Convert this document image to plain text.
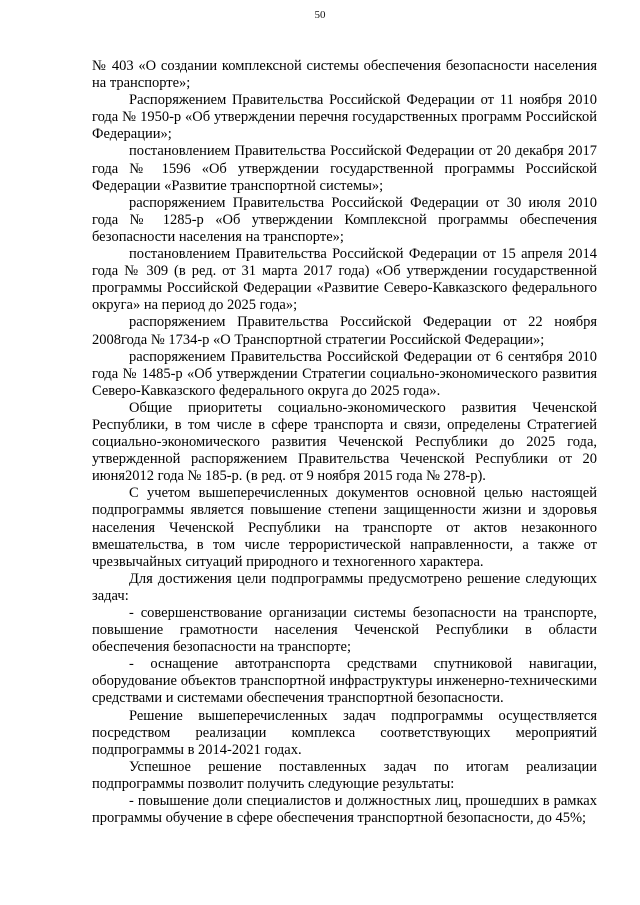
50

№ 403 «О создании комплексной системы обеспечения безопасности населения на транспорте»;

Распоряжением Правительства Российской Федерации от 11 ноября 2010 года № 1950-р «Об утверждении перечня государственных программ Российской Федерации»;

постановлением Правительства Российской Федерации от 20 декабря 2017 года № 1596 «Об утверждении государственной программы Российской Федерации «Развитие транспортной системы»;

распоряжением Правительства Российской Федерации от 30 июля 2010 года № 1285-р «Об утверждении Комплексной программы обеспечения безопасности населения на транспорте»;

постановлением Правительства Российской Федерации от 15 апреля 2014 года № 309 (в ред. от 31 марта 2017 года) «Об утверждении государственной программы Российской Федерации «Развитие Северо-Кавказского федерального округа» на период до 2025 года»;

распоряжением Правительства Российской Федерации от 22 ноября 2008года № 1734-р «О Транспортной стратегии Российской Федерации»;

распоряжением Правительства Российской Федерации от 6 сентября 2010 года № 1485-р «Об утверждении Стратегии социально-экономического развития Северо-Кавказского федерального округа до 2025 года».

Общие приоритеты социально-экономического развития Чеченской Республики, в том числе в сфере транспорта и связи, определены Стратегией социально-экономического развития Чеченской Республики до 2025 года, утвержденной распоряжением Правительства Чеченской Республики от 20 июня2012 года № 185-р. (в ред. от 9 ноября 2015 года № 278-р).

С учетом вышеперечисленных документов основной целью настоящей подпрограммы является повышение степени защищенности жизни и здоровья населения Чеченской Республики на транспорте от актов незаконного вмешательства, в том числе террористической направленности, а также от чрезвычайных ситуаций природного и техногенного характера.

Для достижения цели подпрограммы предусмотрено решение следующих задач:

- совершенствование организации системы безопасности на транспорте, повышение грамотности населения Чеченской Республики в области обеспечения безопасности на транспорте;

- оснащение автотранспорта средствами спутниковой навигации, оборудование объектов транспортной инфраструктуры инженерно-техническими средствами и системами обеспечения транспортной безопасности.

Решение вышеперечисленных задач подпрограммы осуществляется посредством реализации комплекса соответствующих мероприятий подпрограммы в 2014-2021 годах.

Успешное решение поставленных задач по итогам реализации подпрограммы позволит получить следующие результаты:

- повышение доли специалистов и должностных лиц, прошедших в рамках программы обучение в сфере обеспечения транспортной безопасности, до 45%;
